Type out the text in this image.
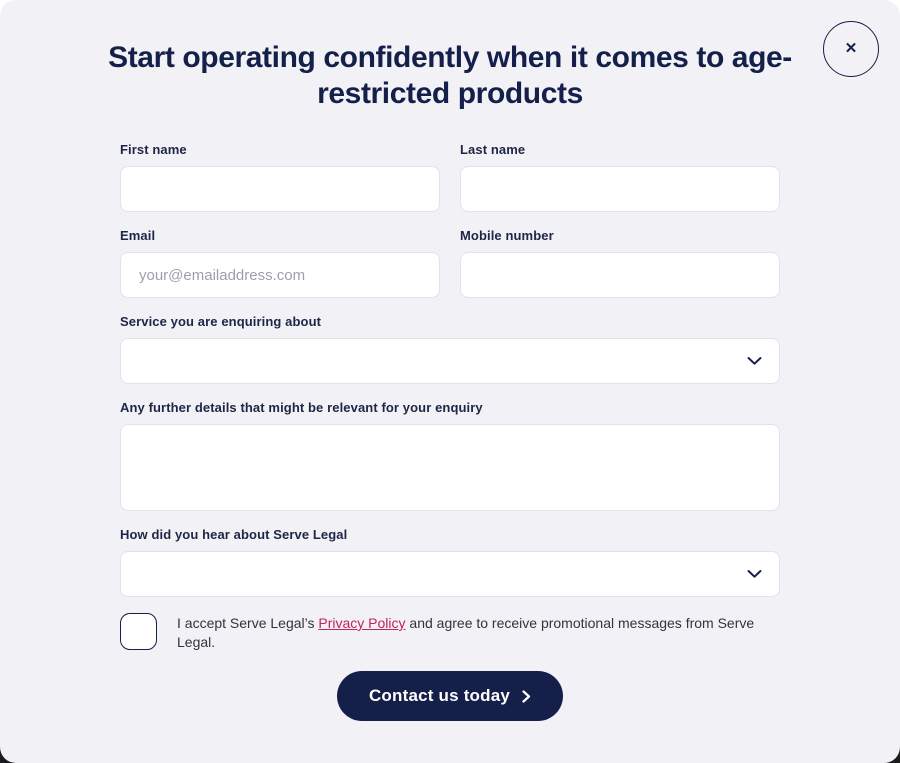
✕
Start operating confidently when it comes to age-restricted products
First name	Last name
Email
your@emailaddress.com	Mobile number
Service you are enquiring about
Any further details that might be relevant for your enquiry
How did you hear about Serve Legal

I accept Serve Legal’s Privacy Policy and agree to receive promotional messages from Serve Legal.

Contact us today
